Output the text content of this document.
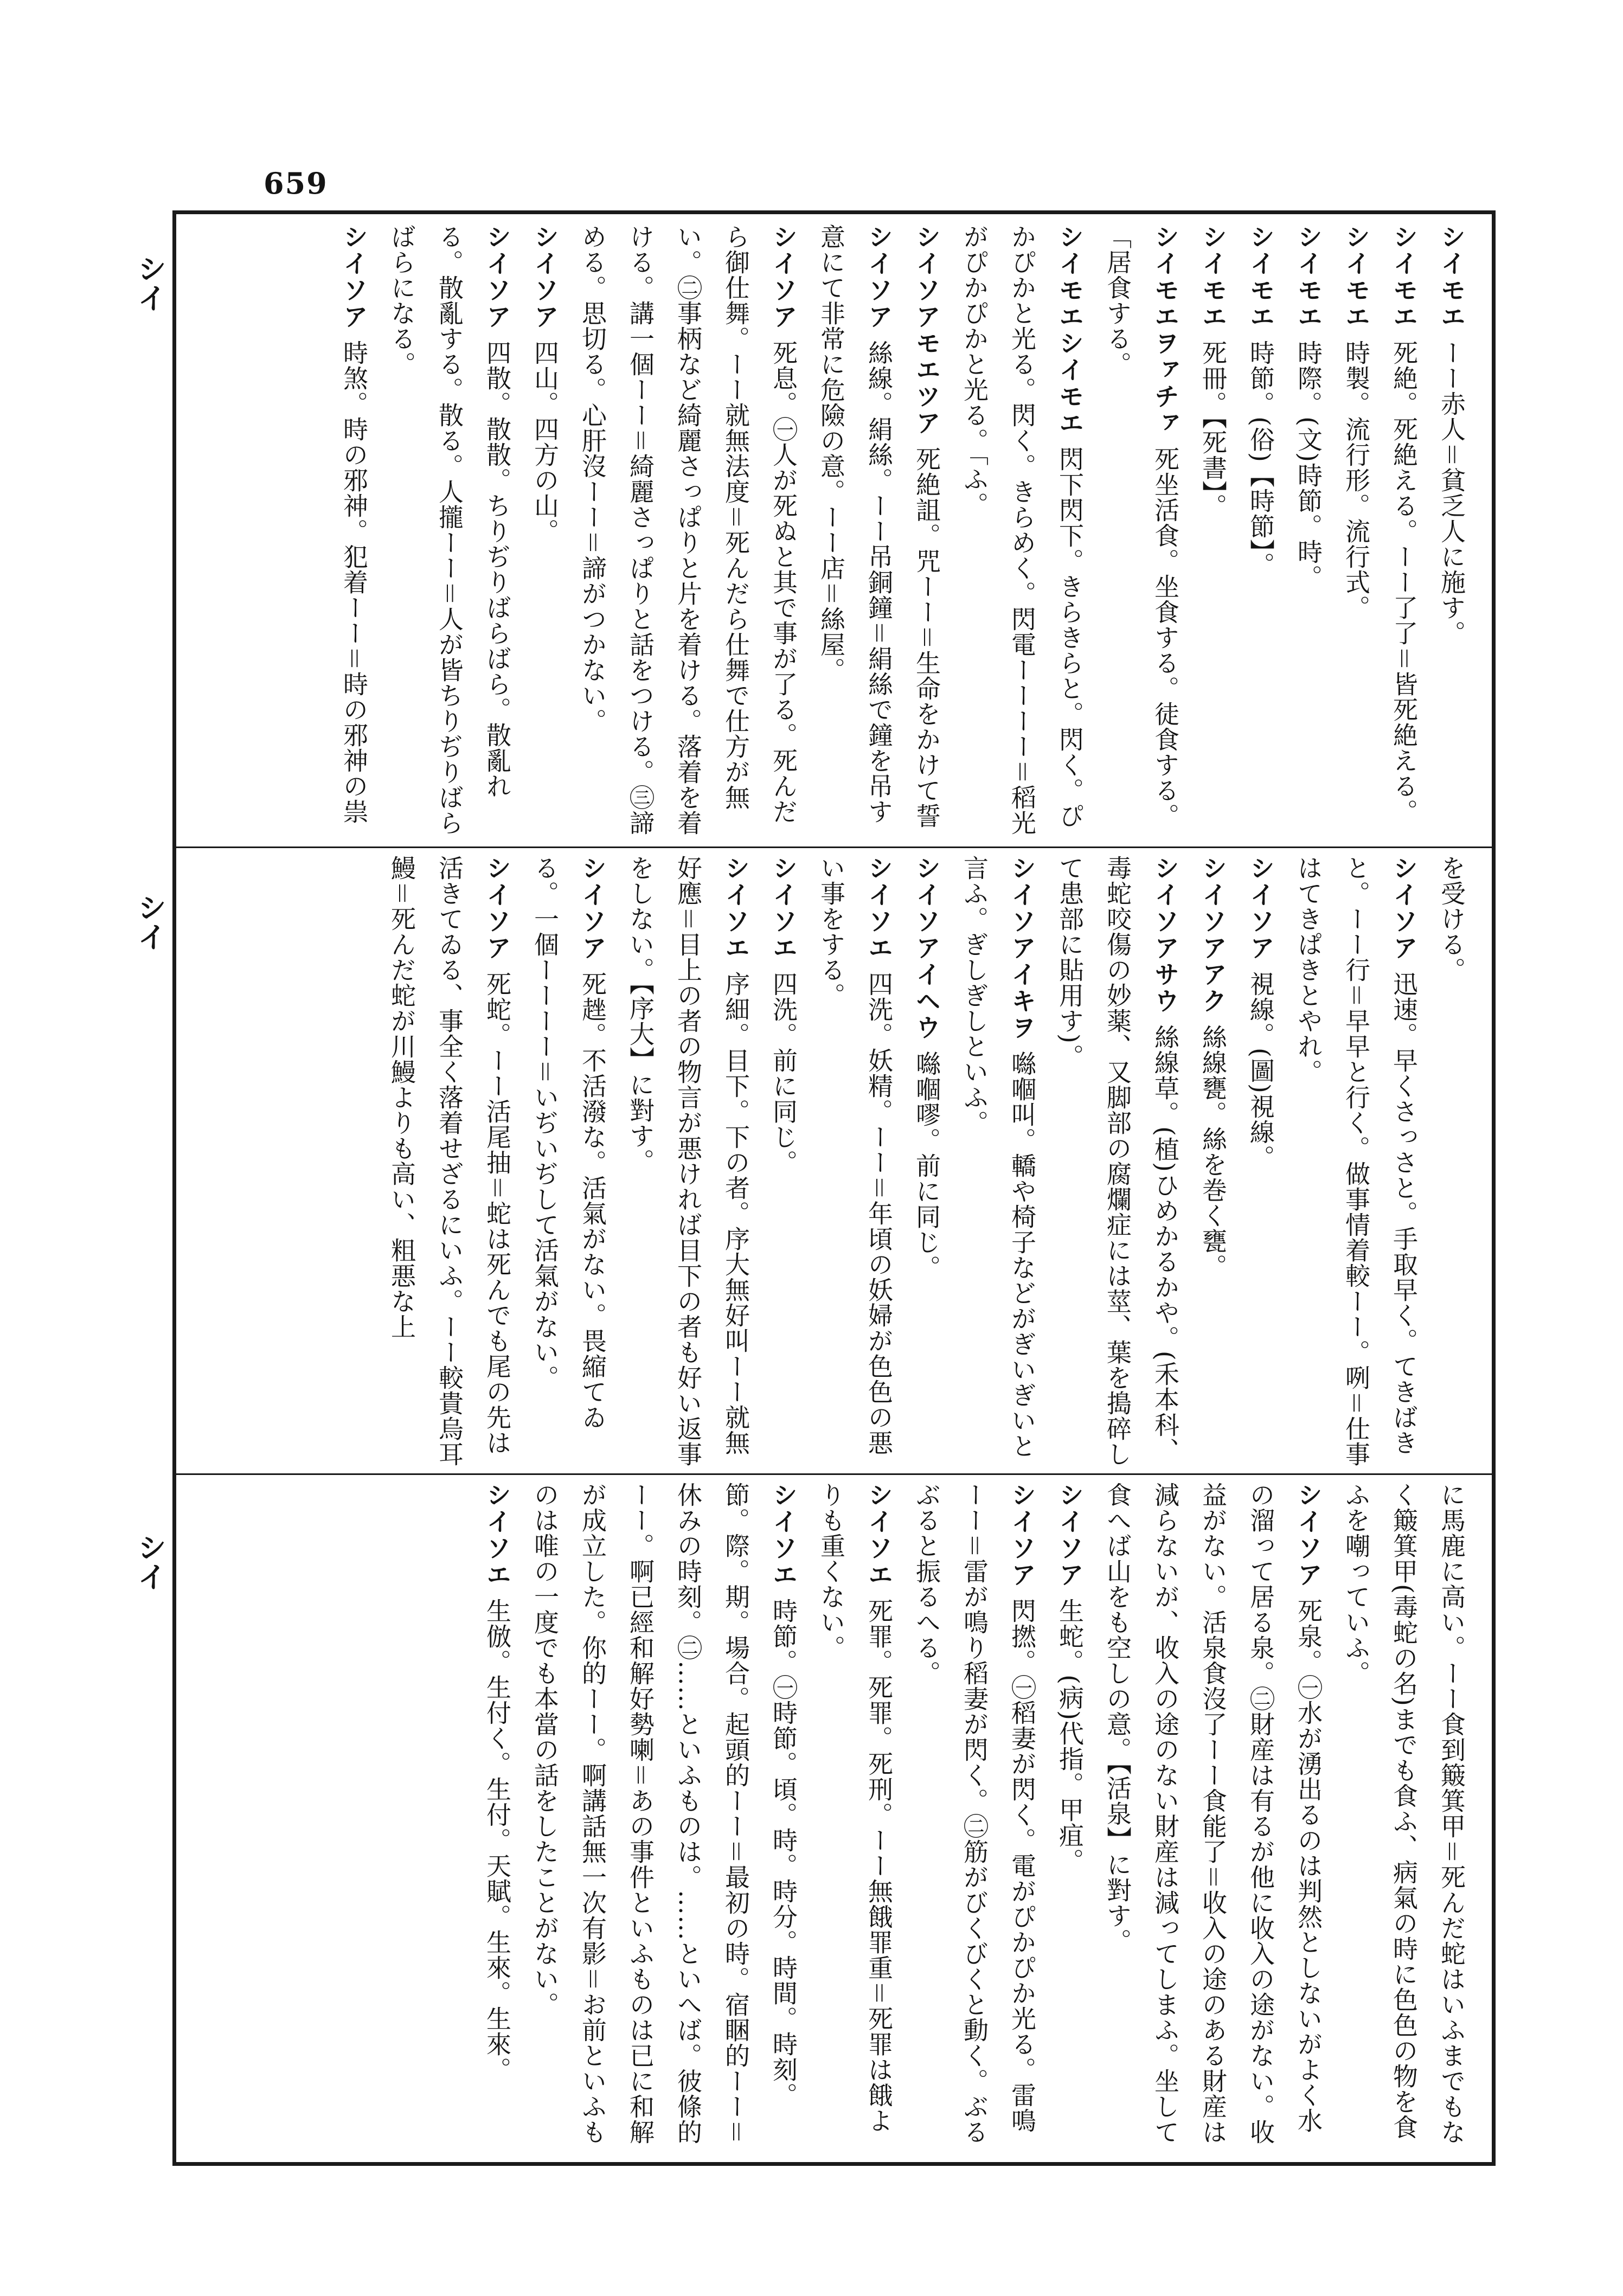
659
シイ
シイ
シイ

シイモエーー赤人＝貧乏人に施す。

シイモエ死絶。死絶える。ーー了了＝皆死絶える。

シイモエ時製。流行形。流行式。

シイモエ時際。(文)時節。時。

シイモエ時節。(俗)【時節】。

シイモエ死冊。【死書】。

シイモエヲァチァ死坐活食。坐食する。徒食する。「居食する。

シイモエシイモエ閃下閃下。きらきらと。閃く。ぴかぴかと光る。閃く。きらめく。閃電ーーーー＝稻光がぴかぴかと光る。「ふ。

シイソアモエツア死絶詛。咒ーー＝生命をかけて誓

シイソア絲線。絹絲。ーー吊銅鐘＝絹絲で鐘を吊す意にて非常に危險の意。ーー店＝絲屋。

シイソア死息。㊀人が死ぬと其で事が了る。死んだら御仕舞。ーー就無法度＝死んだら仕舞で仕方が無い。㊁事柄など綺麗さっぱりと片を着ける。落着を着ける。講一個ーー＝綺麗さっぱりと話をつける。㊂諦める。思切る。心肝沒ーー＝諦がつかない。

シイソア四山。四方の山。

シイソア四散。散散。ちりぢりばらばら。散亂れる。散亂する。散る。人攏ーー＝人が皆ちりぢりばらばらになる。

シイソア時煞。時の邪神。犯着ーー＝時の邪神の祟

を受ける。

シイソア迅速。早くさっさと。手取早く。てきばきと。ーー行＝早早と行く。做事情着較ーー。咧＝仕事はてきぱきとやれ。

シイソア視線。(圖)視線。

シイソアアク絲線甕。絲を巻く甕。

シイソアサウ絲線草。(植)ひめかるかや。(禾本科、毒蛇咬傷の妙薬、又脚部の腐爛症には莖、葉を搗碎して患部に貼用す)。

シイソアイキヲ噝嗰叫。轎や椅子などがぎいぎいと言ふ。ぎしぎしといふ。

シイソアイヘウ噝嗰嘐。前に同じ。

シイソエ四洗。妖精。ーー＝年頃の妖婦が色色の悪い事をする。

シイソエ四洗。前に同じ。

シイソエ序細。目下。下の者。序大無好叫ーー就無好應＝目上の者の物言が悪ければ目下の者も好い返事をしない。【序大】に對す。

シイソア死趖。不活潑な。活氣がない。畏縮てゐる。一個ーーーー＝いぢいぢして活氣がない。

シイソア死蛇。ーー活尾抽＝蛇は死んでも尾の先は活きてゐる、事全く落着せざるにいふ。ーー較貴烏耳鰻＝死んだ蛇が川鰻よりも高い、粗悪な上

に馬鹿に高い。ーー食到簸箕甲＝死んだ蛇はいふまでもなく簸箕甲(毒蛇の名)までも食ふ、病氣の時に色色の物を食ふを嘲っていふ。

シイソア死泉。㊀水が湧出るのは判然としないがよく水の溜って居る泉。㊁財産は有るが他に收入の途がない。收益がない。活泉食沒了ーー食能了＝收入の途のある財産は減らないが、收入の途のない財産は減ってしまふ。坐して食へば山をも空しの意。【活泉】に對す。

シイソア生蛇。(病)代指。甲疽。

シイソア閃撚。㊀稻妻が閃く。電がぴかぴか光る。雷鳴ーー＝雷が鳴り稻妻が閃く。㊁筋がびくびくと動く。ぶるぶると振るへる。

シイソエ死罪。死罪。死刑。ーー無餓罪重＝死罪は餓よりも重くない。

シイソエ時節。㊀時節。頃。時。時分。時間。時刻。節。際。期。場合。起頭的ーー＝最初の時。宿睏的ーー＝休みの時刻。㊁……といふものは。……といへば。彼條的ーー。啊已經和解好勢喇＝あの事件といふものは已に和解が成立した。你的ーー。啊講話無一次有影＝お前といふものは唯の一度でも本當の話をしたことがない。

シイソエ生倣。生付く。生付。天賦。生來。生來。
